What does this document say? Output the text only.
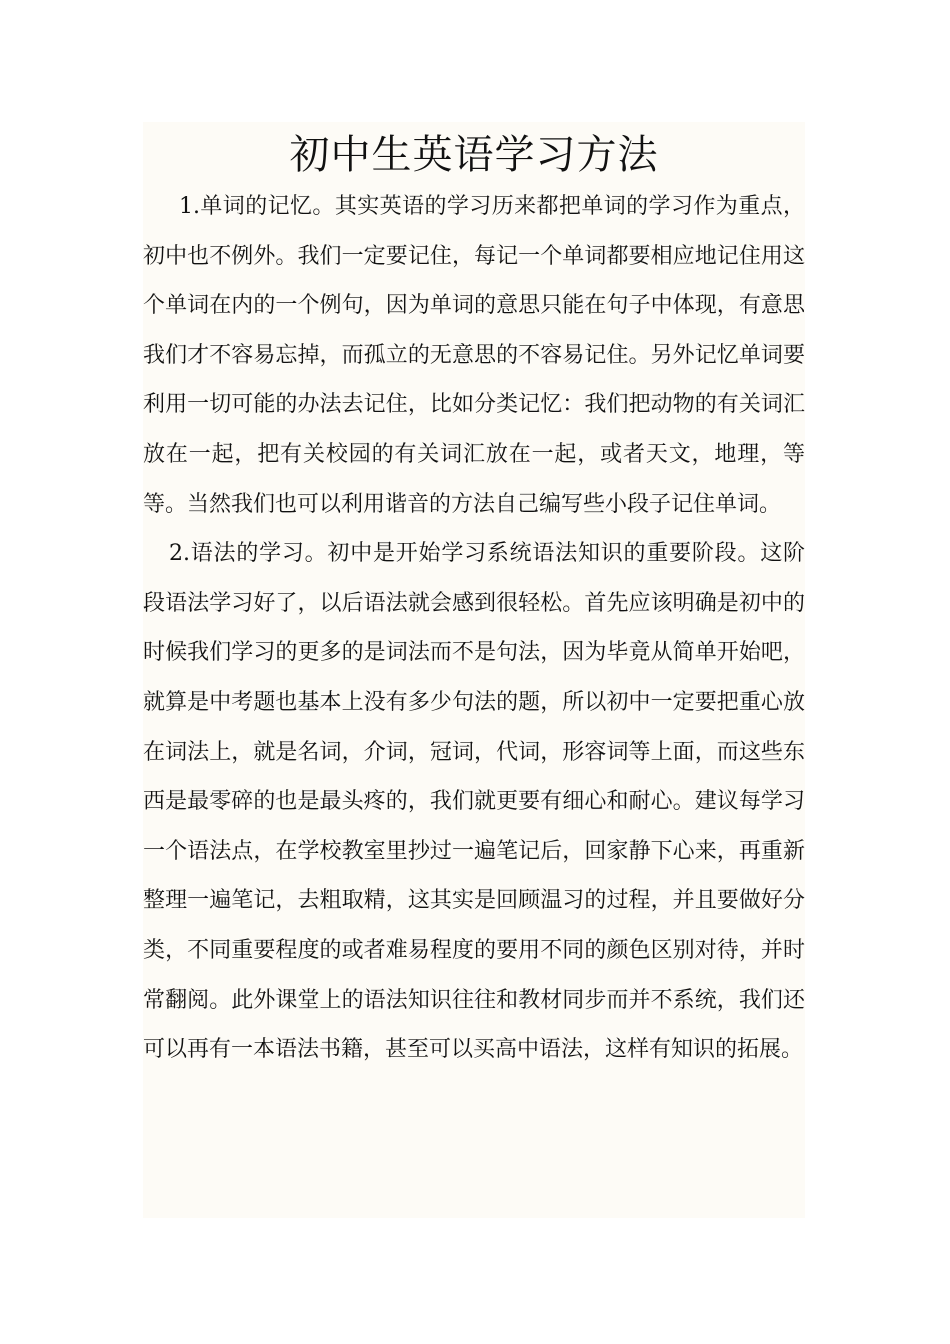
初中生英语学习方法

1.单词的记忆。其实英语的学习历来都把单词的学习作为重点，初中也不例外。我们一定要记住，每记一个单词都要相应地记住用这个单词在内的一个例句，因为单词的意思只能在句子中体现，有意思我们才不容易忘掉，而孤立的无意思的不容易记住。另外记忆单词要利用一切可能的办法去记住，比如分类记忆：我们把动物的有关词汇放在一起，把有关校园的有关词汇放在一起，或者天文，地理，等等。当然我们也可以利用谐音的方法自己编写些小段子记住单词。

2.语法的学习。初中是开始学习系统语法知识的重要阶段。这阶段语法学习好了，以后语法就会感到很轻松。首先应该明确是初中的时候我们学习的更多的是词法而不是句法，因为毕竟从简单开始吧，就算是中考题也基本上没有多少句法的题，所以初中一定要把重心放在词法上，就是名词，介词，冠词，代词，形容词等上面，而这些东西是最零碎的也是最头疼的，我们就更要有细心和耐心。建议每学习一个语法点，在学校教室里抄过一遍笔记后，回家静下心来，再重新整理一遍笔记，去粗取精，这其实是回顾温习的过程，并且要做好分类，不同重要程度的或者难易程度的要用不同的颜色区别对待，并时常翻阅。此外课堂上的语法知识往往和教材同步而并不系统，我们还可以再有一本语法书籍，甚至可以买高中语法，这样有知识的拓展。
